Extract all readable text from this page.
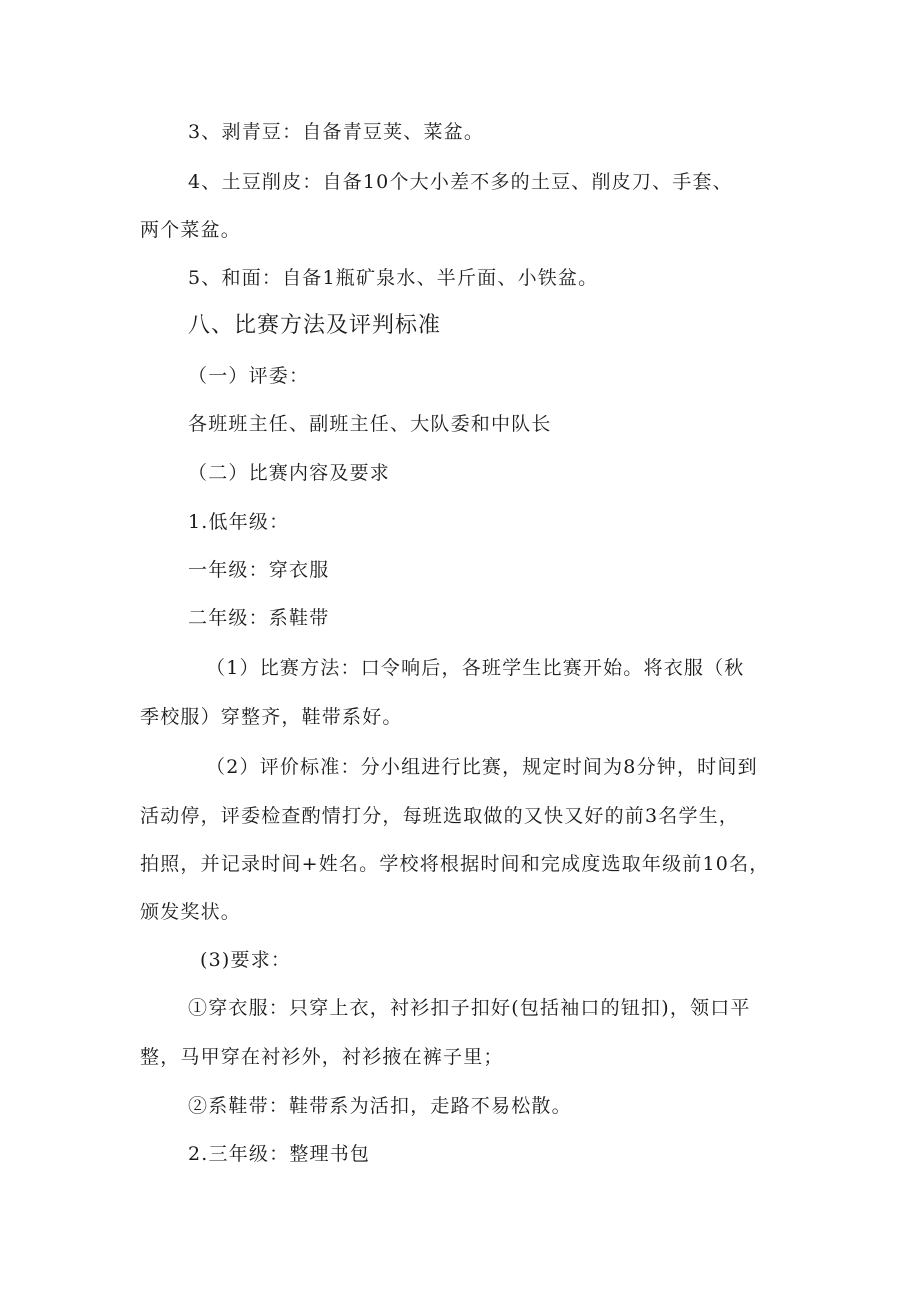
3、剥青豆：自备青豆荚、菜盆。
4、土豆削皮：自备10个大小差不多的土豆、削皮刀、手套、
两个菜盆。
5、和面：自备1瓶矿泉水、半斤面、小铁盆。
八、比赛方法及评判标准
（一）评委：
各班班主任、副班主任、大队委和中队长
（二）比赛内容及要求
1.低年级：
一年级：穿衣服
二年级：系鞋带
（1）比赛方法：口令响后，各班学生比赛开始。将衣服（秋
季校服）穿整齐，鞋带系好。
（2）评价标准：分小组进行比赛，规定时间为8分钟，时间到
活动停，评委检查酌情打分，每班选取做的又快又好的前3名学生，
拍照，并记录时间+姓名。学校将根据时间和完成度选取年级前10名，
颁发奖状。
(3)要求：
①穿衣服：只穿上衣，衬衫扣子扣好(包括袖口的钮扣)，领口平
整，马甲穿在衬衫外，衬衫掖在裤子里；
②系鞋带：鞋带系为活扣，走路不易松散。
2.三年级：整理书包
